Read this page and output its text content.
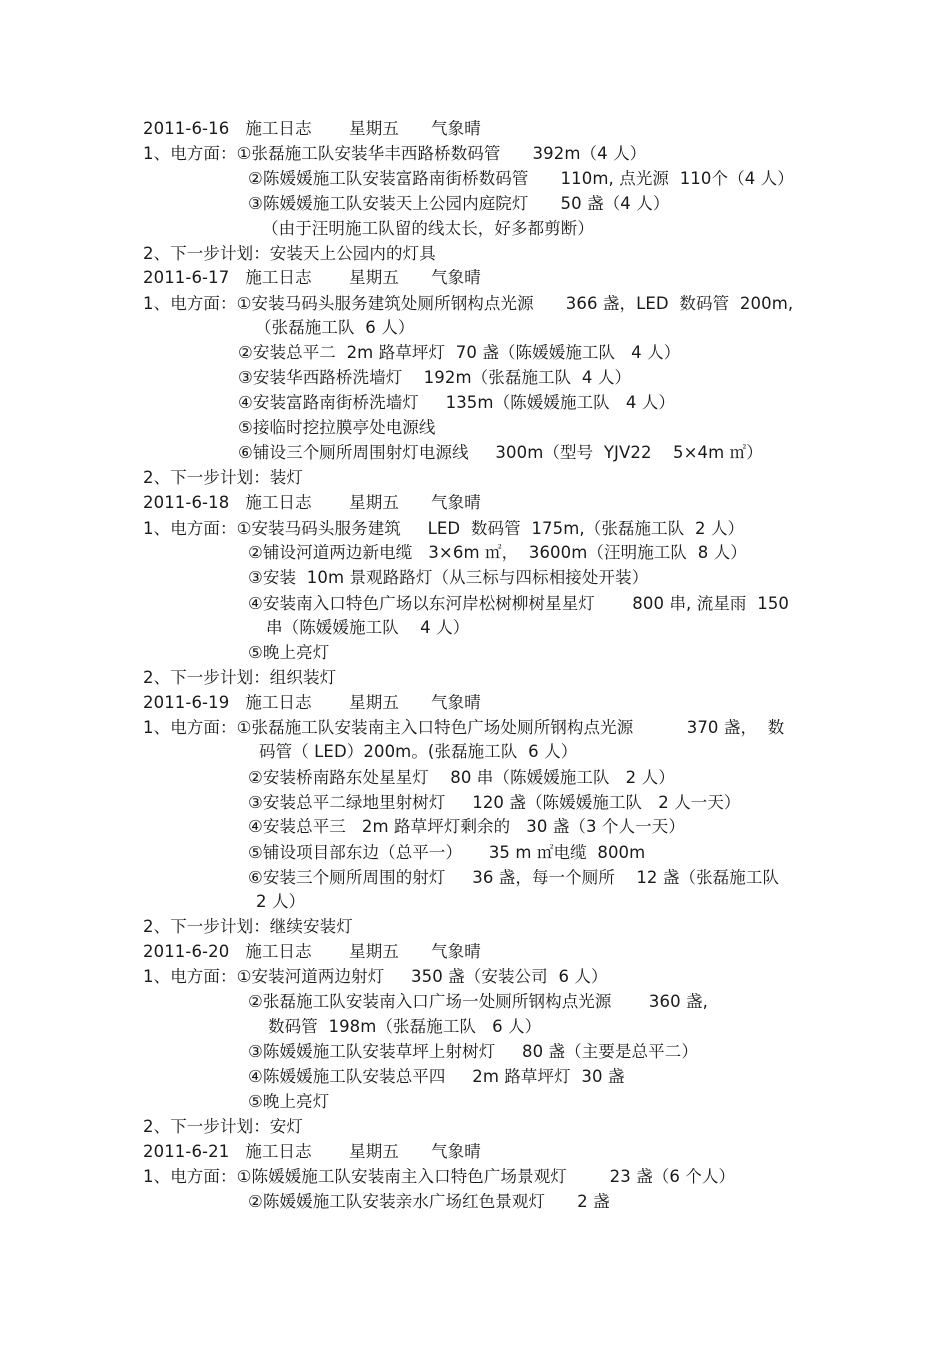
2011-6-16   施工日志       星期五      气象晴
1、电方面：①张磊施工队安装华丰西路桥数码管      392m（4 人）
②陈媛媛施工队安装富路南街桥数码管      110m, 点光源  110个（4 人）
③陈媛媛施工队安装天上公园内庭院灯      50 盏（4 人）
（由于汪明施工队留的线太长，好多都剪断）
2、下一步计划：安装天上公园内的灯具
2011-6-17   施工日志       星期五      气象晴
1、电方面：①安装马码头服务建筑处厕所钢构点光源      366 盏，LED  数码管  200m,
（张磊施工队  6 人）
②安装总平二  2m 路草坪灯  70 盏（陈媛媛施工队   4 人）
③安装华西路桥洗墙灯    192m（张磊施工队  4 人）
④安装富路南街桥洗墙灯     135m（陈媛媛施工队   4 人）
⑤接临时挖拉膜亭处电源线
⑥铺设三个厕所周围射灯电源线     300m（型号  YJV22    5×4m ㎡）
2、下一步计划：装灯
2011-6-18   施工日志       星期五      气象晴
1、电方面：①安装马码头服务建筑     LED  数码管  175m,（张磊施工队  2 人）
②铺设河道两边新电缆   3×6m ㎡，  3600m（汪明施工队  8 人）
③安装  10m 景观路路灯（从三标与四标相接处开装）
④安装南入口特色广场以东河岸松树柳树星星灯       800 串, 流星雨  150
串（陈媛媛施工队    4 人）
⑤晚上亮灯
2、下一步计划：组织装灯
2011-6-19   施工日志       星期五      气象晴
1、电方面：①张磊施工队安装南主入口特色广场处厕所钢构点光源          370 盏，  数
码管（ LED）200m。(张磊施工队  6 人）
②安装桥南路东处星星灯    80 串（陈媛媛施工队   2 人）
③安装总平二绿地里射树灯     120 盏（陈媛媛施工队   2 人一天）
④安装总平三   2m 路草坪灯剩余的   30 盏（3 个人一天）
⑤铺设项目部东边（总平一）     35 m ㎡电缆  800m
⑥安装三个厕所周围的射灯     36 盏，每一个厕所    12 盏（张磊施工队
2 人）
2、下一步计划：继续安装灯
2011-6-20   施工日志       星期五      气象晴
1、电方面：①安装河道两边射灯     350 盏（安装公司  6 人）
②张磊施工队安装南入口广场一处厕所钢构点光源       360 盏,
数码管  198m（张磊施工队   6 人）
③陈媛媛施工队安装草坪上射树灯     80 盏（主要是总平二）
④陈媛媛施工队安装总平四     2m 路草坪灯  30 盏
⑤晚上亮灯
2、下一步计划：安灯
2011-6-21   施工日志       星期五      气象晴
1、电方面：①陈媛媛施工队安装南主入口特色广场景观灯        23 盏（6 个人）
②陈媛媛施工队安装亲水广场红色景观灯      2 盏
